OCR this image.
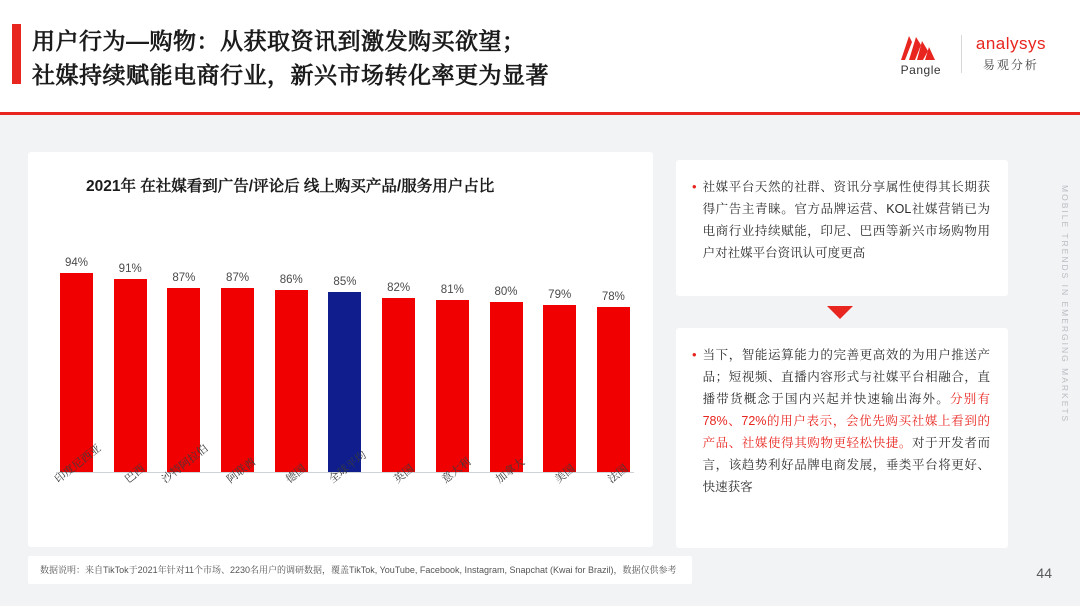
用户行为—购物：从获取资讯到激发购买欲望；
社媒持续赋能电商行业，新兴市场转化率更为显著	Pangle
analysys
易观分析
MOBILE TRENDS IN EMERGING MARKETS
2021年 在社媒看到广告/评论后 线上购买产品/服务用户占比
94%
91%
87%	87%	86%	85%
82%	81%	80%	79%	78%
印度尼西亚	巴西	沙特阿拉伯	阿联酋	德国	全球平均	英国	意大利	加拿大	美国	法国
• 社媒平台天然的社群、资讯分享属性使得其长期获得广告主青睐。官方品牌运营、KOL社媒营销已为电商行业持续赋能，印尼、巴西等新兴市场购物用户对社媒平台资讯认可度更高
• 当下，智能运算能力的完善更高效的为用户推送产品；短视频、直播内容形式与社媒平台相融合，直播带货概念于国内兴起并快速输出海外。分别有78%、72%的用户表示，会优先购买社媒上看到的产品、社媒使得其购物更轻松快捷。对于开发者而言，该趋势利好品牌电商发展，垂类平台将更好、快速获客
数据说明：来自TikTok于2021年针对11个市场、2230名用户的调研数据，覆盖TikTok, YouTube, Facebook, Instagram, Snapchat (Kwai for Brazil)，数据仅供参考	44
